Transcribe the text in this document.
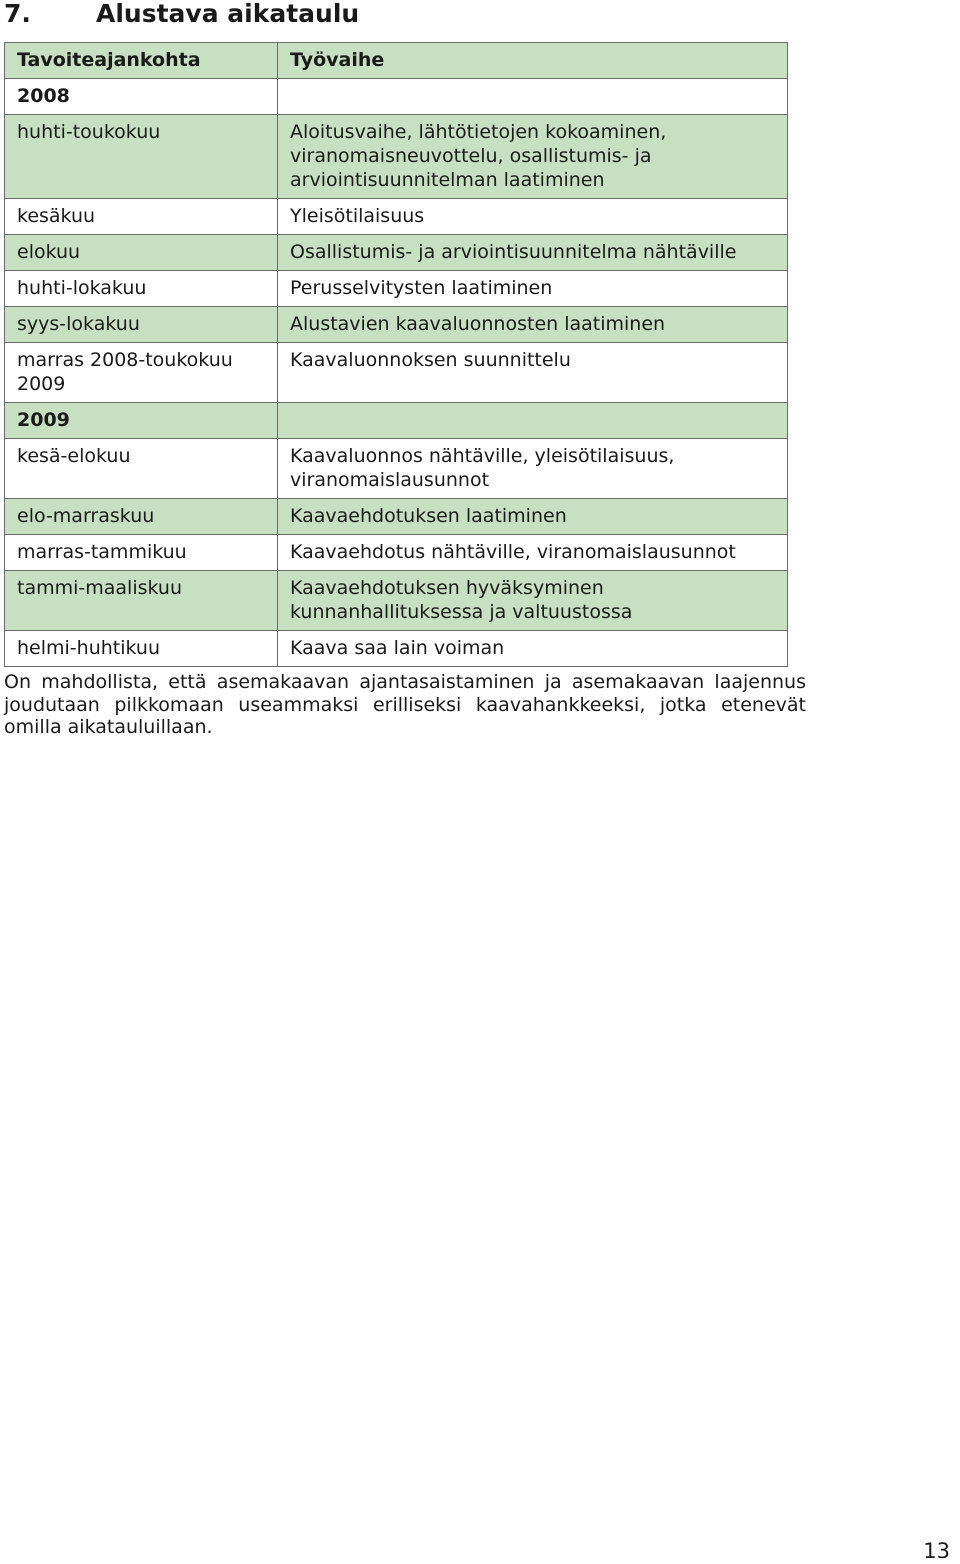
7.	Alustava aikataulu
Tavoiteajankohta	Työvaihe
2008	
huhti-toukokuu	Aloitusvaihe, lähtötietojen kokoaminen, viranomaisneuvottelu, osallistumis- ja arviointisuunnitelman laatiminen
kesäkuu	Yleisötilaisuus
elokuu	Osallistumis- ja arviointisuunnitelma nähtäville
huhti-lokakuu	Perusselvitysten laatiminen
syys-lokakuu	Alustavien kaavaluonnosten laatiminen
marras 2008-toukokuu 2009	Kaavaluonnoksen suunnittelu
2009	
kesä-elokuu	Kaavaluonnos nähtäville, yleisötilaisuus, viranomaislausunnot
elo-marraskuu	Kaavaehdotuksen laatiminen
marras-tammikuu	Kaavaehdotus nähtäville, viranomaislausunnot
tammi-maaliskuu	Kaavaehdotuksen hyväksyminen kunnanhallituksessa ja valtuustossa
helmi-huhtikuu	Kaava saa lain voiman
On mahdollista, että asemakaavan ajantasaistaminen ja asemakaavan laajennus joudutaan pilkkomaan useammaksi erilliseksi kaavahankkeeksi, jotka etenevät omilla aikatauluillaan.
13
